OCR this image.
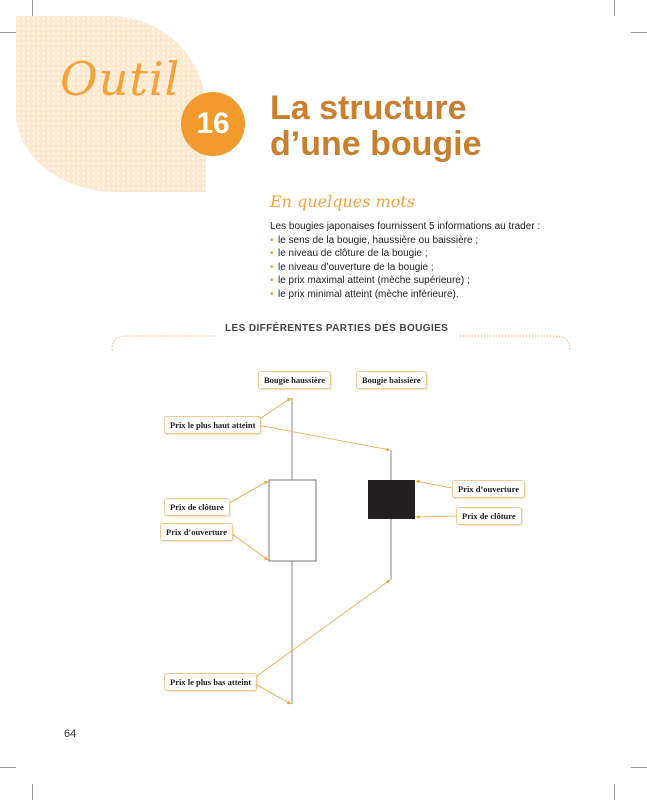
Outil
16	La structure
d’une bougie
En quelques mots
Les bougies japonaises fournissent 5 informations au trader :
• le sens de la bougie, haussière ou baissière ;
• le niveau de clôture de la bougie ;
• le niveau d’ouverture de la bougie ;
• le prix maximal atteint (mèche supérieure) ;
• le prix minimal atteint (mèche inférieure).
LES DIFFÉRENTES PARTIES DES BOUGIES
Bougie haussière	Bougie baissière
Prix le plus haut atteint
Prix de clôture
Prix d’ouverture
Prix le plus bas atteint
Prix d’ouverture
Prix de clôture
64
